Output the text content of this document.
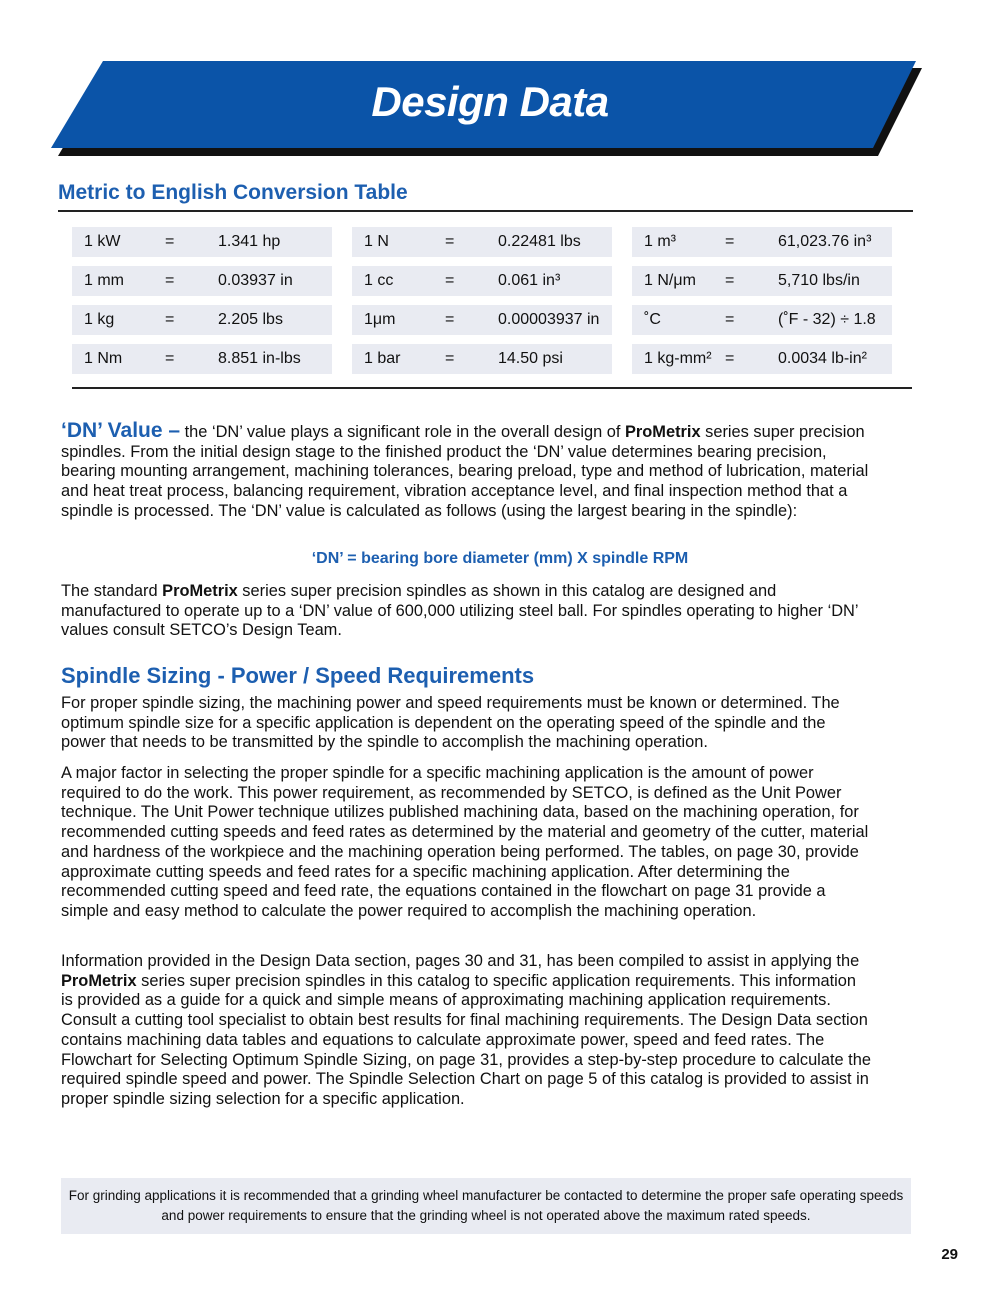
Design Data
Metric to English Conversion Table
1 kW	=	1.341 hp	1 N	=	0.22481 lbs	1 m³	=	61,023.76 in³
1 mm	=	0.03937 in	1 cc	=	0.061 in³	1 N/μm =	5,710 lbs/in
1 kg	=	2.205 lbs	1μm	=	0.00003937 in	˚C	=	(˚F - 32) ÷ 1.8
1 Nm	=	8.851 in-lbs	1 bar	=	14.50 psi	1 kg-mm² =	0.0034 lb-in²
‘DN’ Value – the ‘DN’ value plays a significant role in the overall design of ProMetrix series super precision spindles. From the initial design stage to the finished product the ‘DN’ value determines bearing precision, bearing mounting arrangement, machining tolerances, bearing preload, type and method of lubrication, material and heat treat process, balancing requirement, vibration acceptance level, and final inspection method that a spindle is processed. The ‘DN’ value is calculated as follows (using the largest bearing in the spindle):
‘DN’ = bearing bore diameter (mm) X spindle RPM
The standard ProMetrix series super precision spindles as shown in this catalog are designed and manufactured to operate up to a ‘DN’ value of 600,000 utilizing steel ball. For spindles operating to higher ‘DN’ values consult SETCO’s Design Team.
Spindle Sizing - Power / Speed Requirements
For proper spindle sizing, the machining power and speed requirements must be known or determined. The optimum spindle size for a specific application is dependent on the operating speed of the spindle and the power that needs to be transmitted by the spindle to accomplish the machining operation.
A major factor in selecting the proper spindle for a specific machining application is the amount of power required to do the work. This power requirement, as recommended by SETCO, is defined as the Unit Power technique. The Unit Power technique utilizes published machining data, based on the machining operation, for recommended cutting speeds and feed rates as determined by the material and geometry of the cutter, material and hardness of the workpiece and the machining operation being performed. The tables, on page 30, provide approximate cutting speeds and feed rates for a specific machining application. After determining the recommended cutting speed and feed rate, the equations contained in the flowchart on page 31 provide a simple and easy method to calculate the power required to accomplish the machining operation.
Information provided in the Design Data section, pages 30 and 31, has been compiled to assist in applying the ProMetrix series super precision spindles in this catalog to specific application requirements. This information is provided as a guide for a quick and simple means of approximating machining application requirements. Consult a cutting tool specialist to obtain best results for final machining requirements. The Design Data section contains machining data tables and equations to calculate approximate power, speed and feed rates. The Flowchart for Selecting Optimum Spindle Sizing, on page 31, provides a step-by-step procedure to calculate the required spindle speed and power. The Spindle Selection Chart on page 5 of this catalog is provided to assist in proper spindle sizing selection for a specific application.
For grinding applications it is recommended that a grinding wheel manufacturer be contacted to determine the proper safe operating speeds and power requirements to ensure that the grinding wheel is not operated above the maximum rated speeds.
29
